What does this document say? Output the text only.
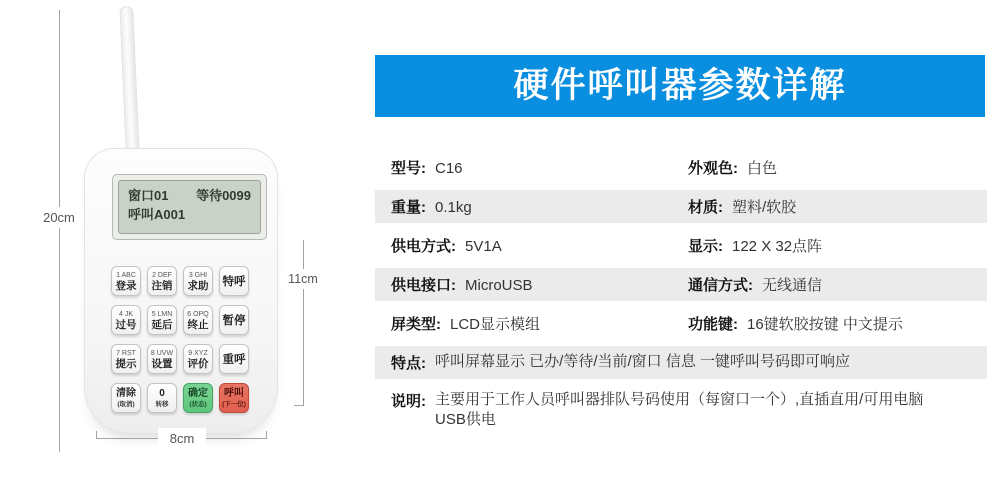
窗口01 等待0099
呼叫A001
1 ABC
登录
2 DEF
注销
3 GHI
求助 特呼
4 JK
过号
5 LMN
延后
6 OPQ
终止 暂停
7 RST
提示
8 UVW
设置
9 XYZ
评价 重呼
清除
(取消)
0
转移
确定
(状态)
呼叫
(下一位)
20cm
11cm
8cm
硬件呼叫器参数详解
型号: C16	外观色: 白色
重量: 0.1kg	材质: 塑料/软胶
供电方式: 5V1A	显示: 122 X 32点阵
供电接口: MicroUSB	通信方式: 无线通信
屏类型: LCD显示模组	功能键: 16键软胶按键 中文提示
特点: 呼叫屏幕显示 已办/等待/当前/窗口 信息 一键呼叫号码即可响应
说明: 主要用于工作人员呼叫器排队号码使用（每窗口一个）,直插直用/可用电脑USB供电
